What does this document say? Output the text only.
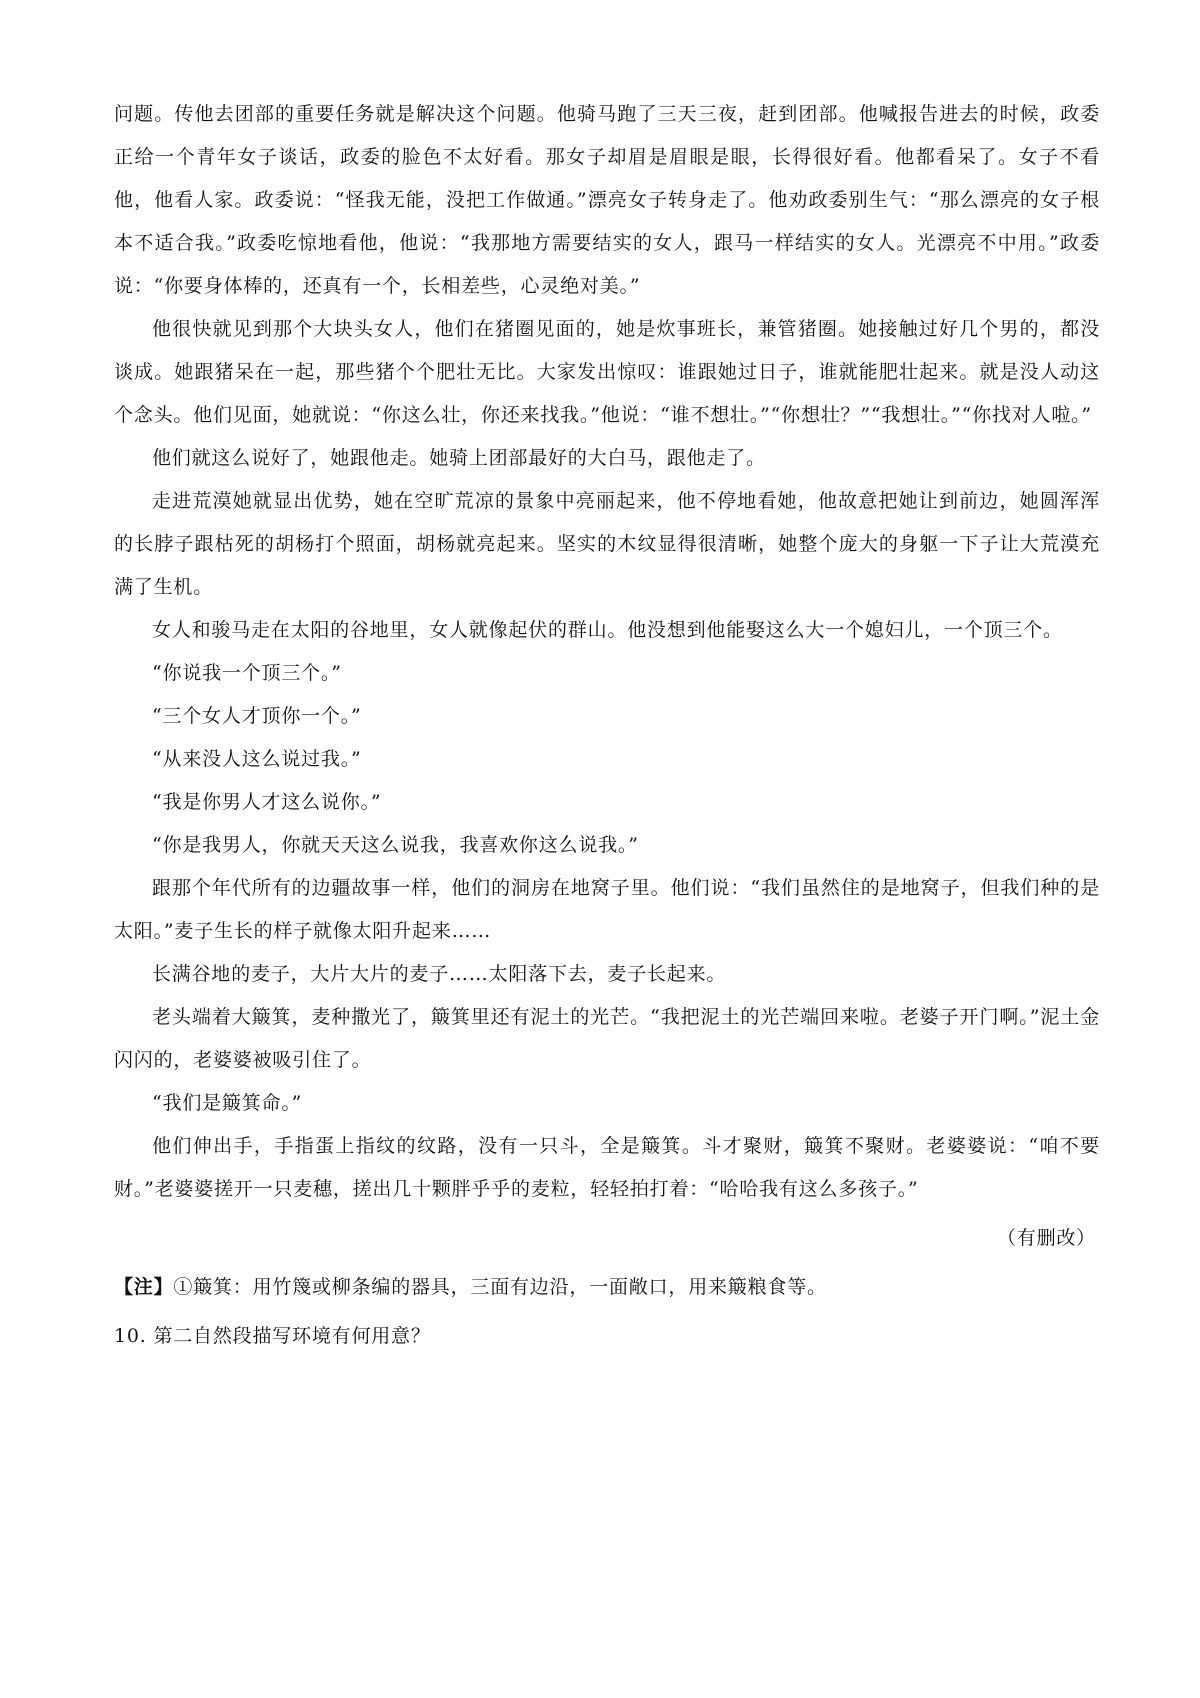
问题。传他去团部的重要任务就是解决这个问题。他骑马跑了三天三夜，赶到团部。他喊报告进去的时候，政委正给一个青年女子谈话，政委的脸色不太好看。那女子却眉是眉眼是眼，长得很好看。他都看呆了。女子不看他，他看人家。政委说：“怪我无能，没把工作做通。”漂亮女子转身走了。他劝政委别生气：“那么漂亮的女子根本不适合我。”政委吃惊地看他，他说：“我那地方需要结实的女人，跟马一样结实的女人。光漂亮不中用。”政委说：“你要身体棒的，还真有一个，长相差些，心灵绝对美。”

他很快就见到那个大块头女人，他们在猪圈见面的，她是炊事班长，兼管猪圈。她接触过好几个男的，都没谈成。她跟猪呆在一起，那些猪个个肥壮无比。大家发出惊叹：谁跟她过日子，谁就能肥壮起来。就是没人动这个念头。他们见面，她就说：“你这么壮，你还来找我。”他说：“谁不想壮。”“你想壮？”“我想壮。”“你找对人啦。”

他们就这么说好了，她跟他走。她骑上团部最好的大白马，跟他走了。

走进荒漠她就显出优势，她在空旷荒凉的景象中亮丽起来，他不停地看她，他故意把她让到前边，她圆浑浑的长脖子跟枯死的胡杨打个照面，胡杨就亮起来。坚实的木纹显得很清晰，她整个庞大的身躯一下子让大荒漠充满了生机。

女人和骏马走在太阳的谷地里，女人就像起伏的群山。他没想到他能娶这么大一个媳妇儿，一个顶三个。

“你说我一个顶三个。”

“三个女人才顶你一个。”

“从来没人这么说过我。”

“我是你男人才这么说你。”

“你是我男人，你就天天这么说我，我喜欢你这么说我。”

跟那个年代所有的边疆故事一样，他们的洞房在地窝子里。他们说：“我们虽然住的是地窝子，但我们种的是太阳。”麦子生长的样子就像太阳升起来……

长满谷地的麦子，大片大片的麦子……太阳落下去，麦子长起来。

老头端着大簸箕，麦种撒光了，簸箕里还有泥土的光芒。“我把泥土的光芒端回来啦。老婆子开门啊。”泥土金闪闪的，老婆婆被吸引住了。

“我们是簸箕命。”

他们伸出手，手指蛋上指纹的纹路，没有一只斗，全是簸箕。斗才聚财，簸箕不聚财。老婆婆说：“咱不要财。”老婆婆搓开一只麦穗，搓出几十颗胖乎乎的麦粒，轻轻拍打着：“哈哈我有这么多孩子。”

（有删改）

【注】①簸箕：用竹篾或柳条编的器具，三面有边沿，一面敞口，用来簸粮食等。

10. 第二自然段描写环境有何用意？
